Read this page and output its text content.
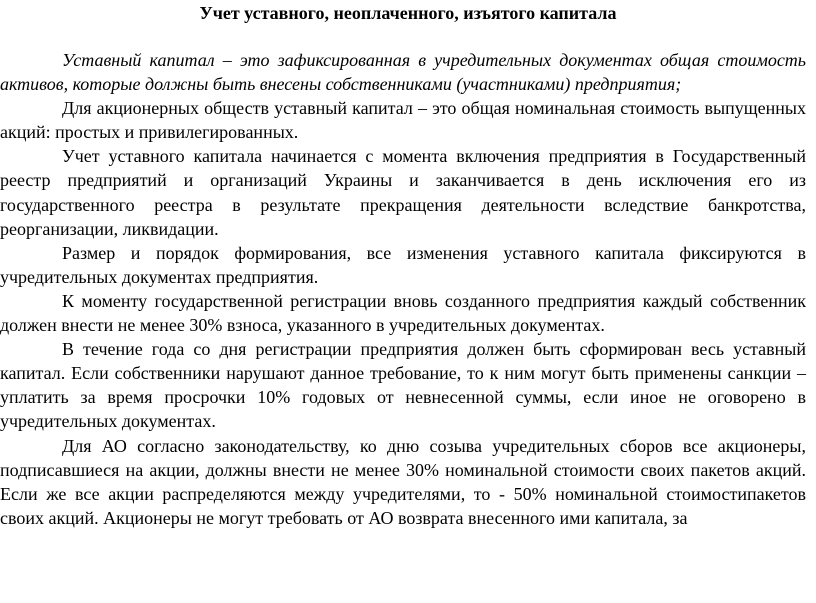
Учет уставного, неоплаченного, изъятого капитала

Уставный капитал – это зафиксированная в учредительных документах общая стоимость активов, которые должны быть внесены собственниками (участниками) предприятия;

Для акционерных обществ уставный капитал – это общая номинальная стоимость выпущенных акций: простых и привилегированных.

Учет уставного капитала начинается с момента включения предприятия в Государственный реестр предприятий и организаций Украины и заканчивается в день исключения его из государственного реестра в результате прекращения деятельности вследствие банкротства, реорганизации, ликвидации.

Размер и порядок формирования, все изменения уставного капитала фиксируются в учредительных документах предприятия.

К моменту государственной регистрации вновь созданного предприятия каждый собственник должен внести не менее 30% взноса, указанного в учредительных документах.

В течение года со дня регистрации предприятия должен быть сформирован весь уставный капитал. Если собственники нарушают данное требование, то к ним могут быть применены санкции – уплатить за время просрочки 10% годовых от невнесенной суммы, если иное не оговорено в учредительных документах.

Для АО согласно законодательству, ко дню созыва учредительных сборов все акционеры, подписавшиеся на акции, должны внести не менее 30% номинальной стоимости своих пакетов акций. Если же все акции распределяются между учредителями, то - 50% номинальной стоимостипакетов своих акций. Акционеры не могут требовать от АО возврата внесенного ими капитала, за
